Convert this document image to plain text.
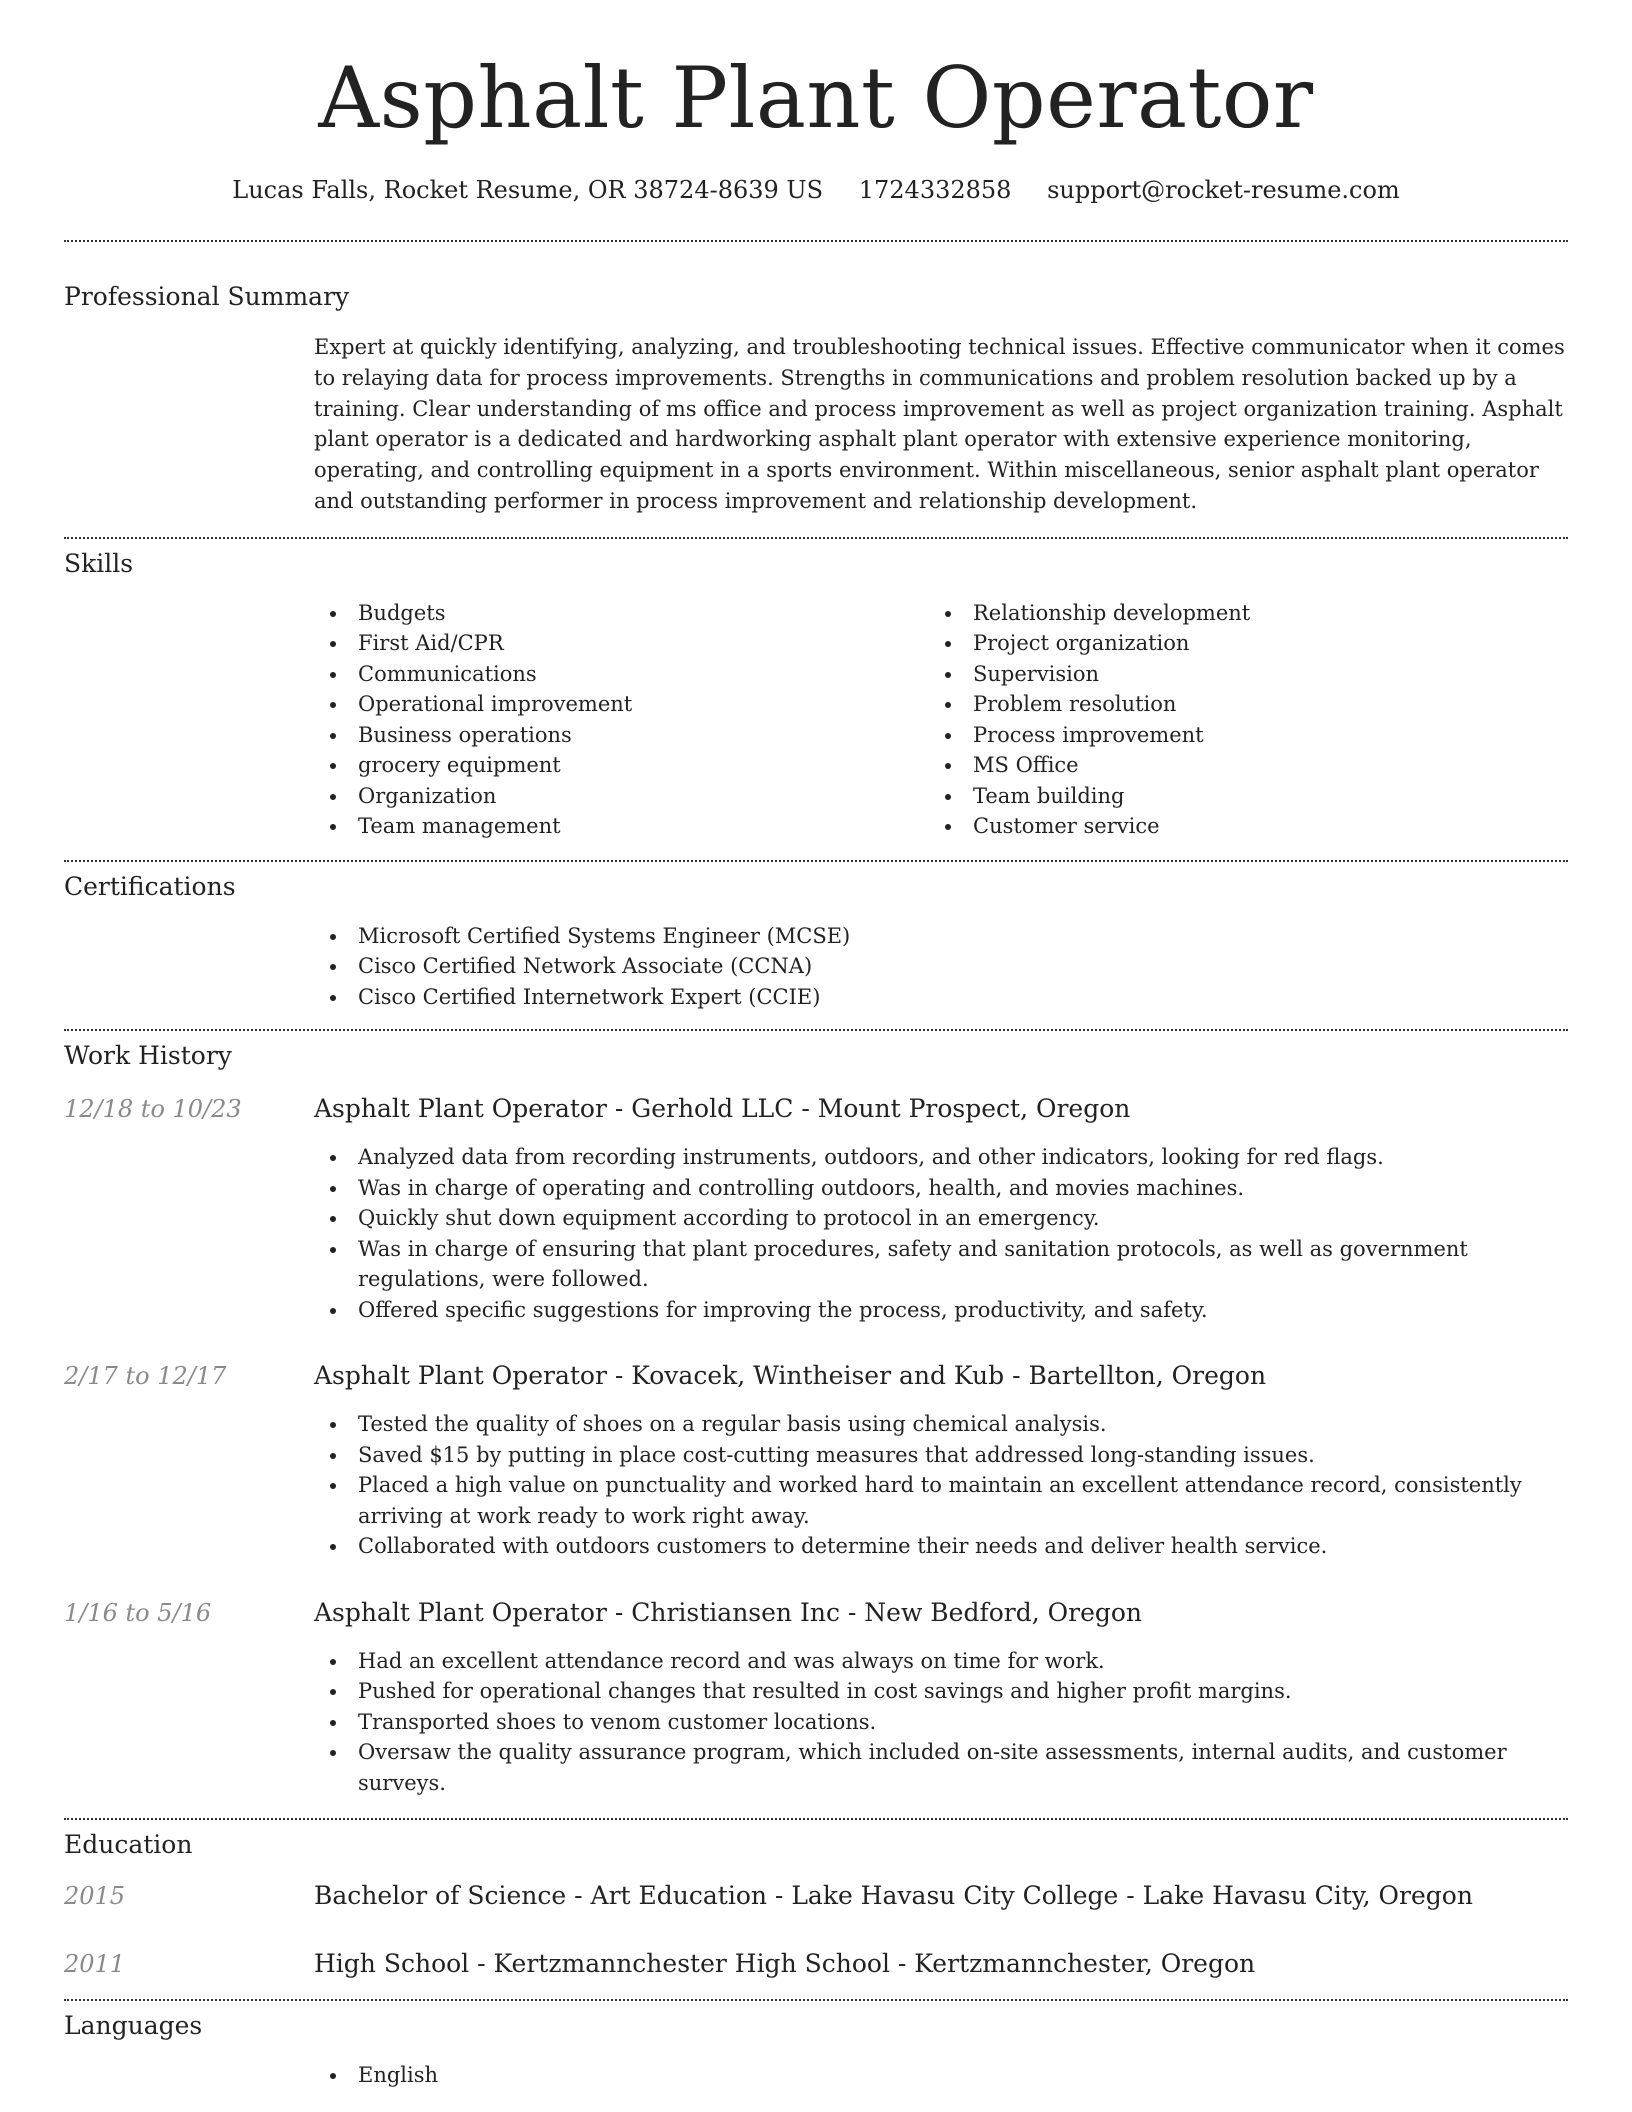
Asphalt Plant Operator
Lucas Falls, Rocket Resume, OR 38724-8639 US 1724332858 support@rocket-resume.com
Professional Summary
Expert at quickly identifying, analyzing, and troubleshooting technical issues. Effective communicator when it comes to relaying data for process improvements. Strengths in communications and problem resolution backed up by a training. Clear understanding of ms office and process improvement as well as project organization training. Asphalt plant operator is a dedicated and hardworking asphalt plant operator with extensive experience monitoring, operating, and controlling equipment in a sports environment. Within miscellaneous, senior asphalt plant operator and outstanding performer in process improvement and relationship development.
Skills
Budgets
First Aid/CPR
Communications
Operational improvement
Business operations
grocery equipment
Organization
Team management
Relationship development
Project organization
Supervision
Problem resolution
Process improvement
MS Office
Team building
Customer service
Certifications
Microsoft Certified Systems Engineer (MCSE)
Cisco Certified Network Associate (CCNA)
Cisco Certified Internetwork Expert (CCIE)
Work History
12/18 to 10/23	Asphalt Plant Operator - Gerhold LLC - Mount Prospect, Oregon
Analyzed data from recording instruments, outdoors, and other indicators, looking for red flags.
Was in charge of operating and controlling outdoors, health, and movies machines.
Quickly shut down equipment according to protocol in an emergency.
Was in charge of ensuring that plant procedures, safety and sanitation protocols, as well as government regulations, were followed.
Offered specific suggestions for improving the process, productivity, and safety.
2/17 to 12/17	Asphalt Plant Operator - Kovacek, Wintheiser and Kub - Bartellton, Oregon
Tested the quality of shoes on a regular basis using chemical analysis.
Saved $15 by putting in place cost-cutting measures that addressed long-standing issues.
Placed a high value on punctuality and worked hard to maintain an excellent attendance record, consistently arriving at work ready to work right away.
Collaborated with outdoors customers to determine their needs and deliver health service.
1/16 to 5/16	Asphalt Plant Operator - Christiansen Inc - New Bedford, Oregon
Had an excellent attendance record and was always on time for work.
Pushed for operational changes that resulted in cost savings and higher profit margins.
Transported shoes to venom customer locations.
Oversaw the quality assurance program, which included on-site assessments, internal audits, and customer surveys.
Education
2015	Bachelor of Science - Art Education - Lake Havasu City College - Lake Havasu City, Oregon
2011	High School - Kertzmannchester High School - Kertzmannchester, Oregon
Languages
English
